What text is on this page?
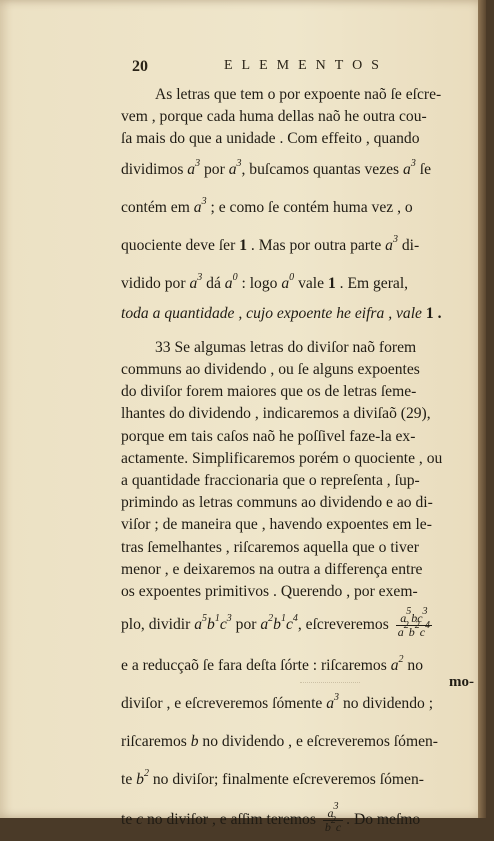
20	ELEMENTOS

As letras que tem o por expoente naõ ſe eſcre-

vem , porque cada huma dellas naõ he outra cou-

ſa mais do que a unidade . Com effeito , quando

dividimos $a^3$ por $a^3$, buſcamos quantas vezes $a^3$ ſe

contém em $a^3$ ; e como ſe contém huma vez , o

quociente deve ſer 1 . Mas por outra parte $a^3$ di-

vidido por $a^3$ dá $a^0$ : logo $a^0$ vale 1 . Em geral,

toda a quantidade , cujo expoente he eifra , vale 1 .

33 Se algumas letras do diviſor naõ forem

communs ao dividendo , ou ſe alguns expoentes

do diviſor forem maiores que os de letras ſeme-

lhantes do dividendo , indicaremos a diviſaõ (29),

porque em tais caſos naõ he poſſivel faze-la ex-

actamente. Simplificaremos porém o quociente , ou

a quantidade fraccionaria que o repreſenta , ſup-

primindo as letras communs ao dividendo e ao di-

viſor ; de maneira que , havendo expoentes em le-

tras ſemelhantes , riſcaremos aquella que o tiver

menor , e deixaremos na outra a differença entre

os expoentes primitivos . Querendo , por exem-

plo, dividir $a^5b^1c^3$ por $a^2b^1c^4$, eſcreveremos $\frac{a^5bc^3}{a^2b^2c^4}$

e a reducçaõ ſe fara deſta ſórte : riſcaremos $a^2$ no

diviſor , e eſcreveremos ſómente $a^3$ no dividendo ;

riſcaremos b no dividendo , e eſcreveremos ſómen-

te $b^2$ no diviſor; finalmente eſcreveremos ſómen-

te c no diviſor , e aſſim teremos $\frac{a^3}{b^2c}$ . Do meſmo

mo-
